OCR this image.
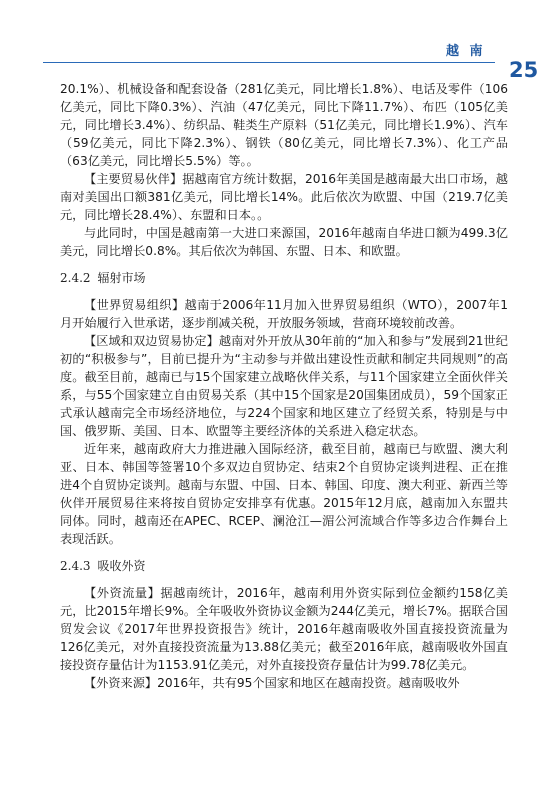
越 南
25

20.1%）、机械设备和配套设备（281亿美元，同比增长1.8%）、电话及零件（106亿美元，同比下降0.3%）、汽油（47亿美元，同比下降11.7%）、布匹（105亿美元，同比增长3.4%）、纺织品、鞋类生产原料（51亿美元，同比增长1.9%）、汽车（59亿美元，同比下降2.3%）、钢铁（80亿美元，同比增长7.3%）、化工产品（63亿美元，同比增长5.5%）等。。

【主要贸易伙伴】据越南官方统计数据，2016年美国是越南最大出口市场，越南对美国出口额381亿美元，同比增长14%。此后依次为欧盟、中国（219.7亿美元，同比增长28.4%）、东盟和日本。。

与此同时，中国是越南第一大进口来源国，2016年越南自华进口额为499.3亿美元，同比增长0.8%。其后依次为韩国、东盟、日本、和欧盟。

2.4.2 辐射市场

【世界贸易组织】越南于2006年11月加入世界贸易组织（WTO），2007年1月开始履行入世承诺，逐步削减关税，开放服务领域，营商环境较前改善。

【区域和双边贸易协定】越南对外开放从30年前的“加入和参与”发展到21世纪初的“积极参与”，目前已提升为“主动参与并做出建设性贡献和制定共同规则”的高度。截至目前，越南已与15个国家建立战略伙伴关系，与11个国家建立全面伙伴关系，与55个国家建立自由贸易关系（其中15个国家是20国集团成员），59个国家正式承认越南完全市场经济地位，与224个国家和地区建立了经贸关系，特别是与中国、俄罗斯、美国、日本、欧盟等主要经济体的关系进入稳定状态。

近年来，越南政府大力推进融入国际经济，截至目前，越南已与欧盟、澳大利亚、日本、韩国等签署10个多双边自贸协定、结束2个自贸协定谈判进程、正在推进4个自贸协定谈判。越南与东盟、中国、日本、韩国、印度、澳大利亚、新西兰等伙伴开展贸易往来将按自贸协定安排享有优惠。2015年12月底，越南加入东盟共同体。同时，越南还在APEC、RCEP、澜沧江—湄公河流域合作等多边合作舞台上表现活跃。

2.4.3 吸收外资

【外资流量】据越南统计，2016年，越南利用外资实际到位金额约158亿美元，比2015年增长9%。全年吸收外资协议金额为244亿美元，增长7%。据联合国贸发会议《2017年世界投资报告》统计，2016年越南吸收外国直接投资流量为126亿美元，对外直接投资流量为13.88亿美元；截至2016年底，越南吸收外国直接投资存量估计为1153.91亿美元，对外直接投资存量估计为99.78亿美元。

【外资来源】2016年，共有95个国家和地区在越南投资。越南吸收外
